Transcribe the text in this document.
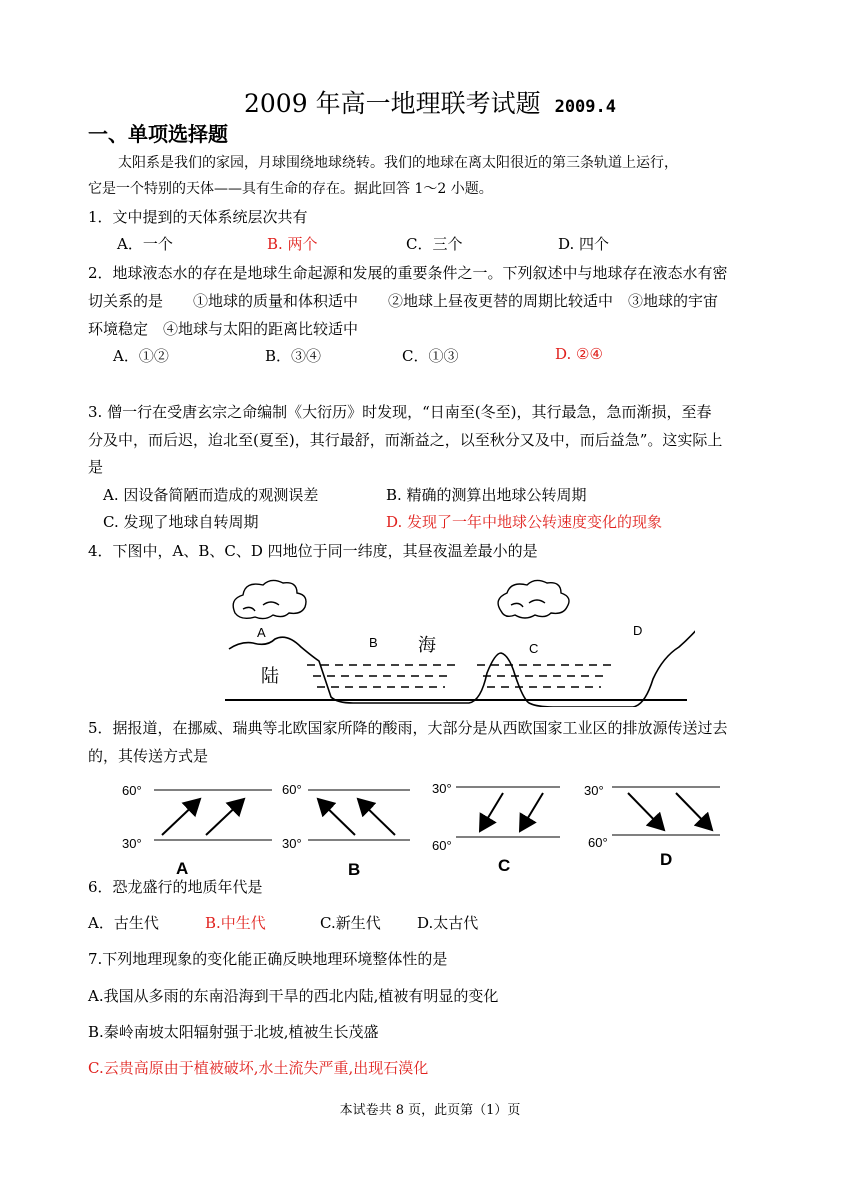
2009 年高一地理联考试题 2009.4
一、单项选择题
太阳系是我们的家园，月球围绕地球绕转。我们的地球在离太阳很近的第三条轨道上运行，
它是一个特别的天体——具有生命的存在。据此回答 1～2 小题。
1．文中提到的天体系统层次共有
A．一个	B. 两个	C．三个	D. 四个
2．地球液态水的存在是地球生命起源和发展的重要条件之一。下列叙述中与地球存在液态水有密
切关系的是　　①地球的质量和体积适中　　②地球上昼夜更替的周期比较适中　③地球的宇宙
环境稳定　④地球与太阳的距离比较适中
A．①②	B．③④	C．①③	D. ②④
3. 僧一行在受唐玄宗之命编制《大衍历》时发现，“日南至(冬至)，其行最急，急而渐损，至春
分及中，而后迟，迨北至(夏至)，其行最舒，而渐益之，以至秋分又及中，而后益急”。这实际上
是
A. 因设备简陋而造成的观测误差	B. 精确的测算出地球公转周期
C. 发现了地球自转周期	D. 发现了一年中地球公转速度变化的现象
4．下图中，A、B、C、D 四地位于同一纬度，其昼夜温差最小的是
A
B 海	C
D
陆
5．据报道，在挪威、瑞典等北欧国家所降的酸雨，大部分是从西欧国家工业区的排放源传送过去
的，其传送方式是
60°
30°
A
60°
30°
B
30°
60°
C
30°
60°
D
6．恐龙盛行的地质年代是
A．古生代	B.中生代	C.新生代 D.太古代
7.下列地理现象的变化能正确反映地理环境整体性的是
A.我国从多雨的东南沿海到干旱的西北内陆,植被有明显的变化
B.秦岭南坡太阳辐射强于北坡,植被生长茂盛
C.云贵高原由于植被破坏,水土流失严重,出现石漠化
本试卷共 8 页，此页第（1）页
